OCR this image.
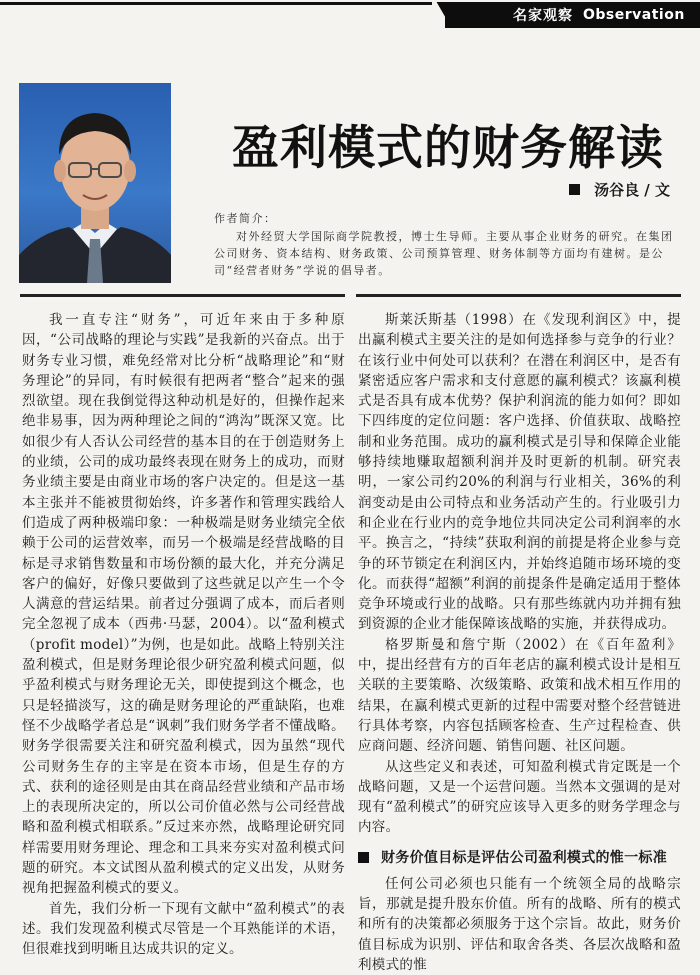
名家观察 Observation
盈利模式的财务解读
汤谷良 / 文
作者简介：

对外经贸大学国际商学院教授，博士生导师。主要从事企业财务的研究。在集团公司财务、资本结构、财务政策、公司预算管理、财务体制等方面均有建树。是公司“经营者财务”学说的倡导者。

我一直专注“财务”，可近年来由于多种原因，“公司战略的理论与实践”是我新的兴奋点。出于财务专业习惯，难免经常对比分析“战略理论”和“财务理论”的异同，有时候很有把两者“整合”起来的强烈欲望。现在我倒觉得这种动机是好的，但操作起来绝非易事，因为两种理论之间的“鸿沟”既深又宽。比如很少有人否认公司经营的基本目的在于创造财务上的业绩，公司的成功最终表现在财务上的成功，而财务业绩主要是由商业市场的客户决定的。但是这一基本主张并不能被贯彻始终，许多著作和管理实践给人们造成了两种极端印象：一种极端是财务业绩完全依赖于公司的运营效率，而另一个极端是经营战略的目标是寻求销售数量和市场份额的最大化，并充分满足客户的偏好，好像只要做到了这些就足以产生一个令人满意的营运结果。前者过分强调了成本，而后者则完全忽视了成本（西弗·马瑟，2004）。以“盈利模式（profit model）”为例，也是如此。战略上特别关注盈利模式，但是财务理论很少研究盈利模式问题，似乎盈利模式与财务理论无关，即使提到这个概念，也只是轻描淡写，这的确是财务理论的严重缺陷，也难怪不少战略学者总是“讽刺”我们财务学者不懂战略。财务学很需要关注和研究盈利模式，因为虽然“现代公司财务生存的主宰是在资本市场，但是生存的方式、获利的途径则是由其在商品经营业绩和产品市场上的表现所决定的，所以公司价值必然与公司经营战略和盈利模式相联系。”反过来亦然，战略理论研究同样需要用财务理论、理念和工具来夯实对盈利模式问题的研究。本文试图从盈利模式的定义出发，从财务视角把握盈利模式的要义。

首先，我们分析一下现有文献中“盈利模式”的表述。我们发现盈利模式尽管是一个耳熟能详的术语，但很难找到明晰且达成共识的定义。

斯莱沃斯基（1998）在《发现利润区》中，提出赢利模式主要关注的是如何选择参与竞争的行业？在该行业中何处可以获利？在潜在利润区中，是否有紧密适应客户需求和支付意愿的赢利模式？该赢利模式是否具有成本优势？保护利润流的能力如何？即如下四纬度的定位问题：客户选择、价值获取、战略控制和业务范围。成功的赢利模式是引导和保障企业能够持续地赚取超额利润并及时更新的机制。研究表明，一家公司约20%的利润与行业相关，36%的利润变动是由公司特点和业务活动产生的。行业吸引力和企业在行业内的竞争地位共同决定公司利润率的水平。换言之，“持续”获取利润的前提是将企业参与竞争的环节锁定在利润区内，并始终追随市场环境的变化。而获得“超额”利润的前提条件是确定适用于整体竞争环境或行业的战略。只有那些练就内功并拥有独到资源的企业才能保障该战略的实施，并获得成功。

格罗斯曼和詹宁斯（2002）在《百年盈利》中，提出经营有方的百年老店的赢利模式设计是相互关联的主要策略、次级策略、政策和战术相互作用的结果，在赢利模式更新的过程中需要对整个经营链进行具体考察，内容包括顾客检查、生产过程检查、供应商问题、经济问题、销售问题、社区问题。

从这些定义和表述，可知盈利模式肯定既是一个战略问题，又是一个运营问题。当然本文强调的是对现有“盈利模式”的研究应该导入更多的财务学理念与内容。

财务价值目标是评估公司盈利模式的惟一标准

任何公司必须也只能有一个统领全局的战略宗旨，那就是提升股东价值。所有的战略、所有的模式和所有的决策都必须服务于这个宗旨。故此，财务价值目标成为识别、评估和取舍各类、各层次战略和盈利模式的惟
